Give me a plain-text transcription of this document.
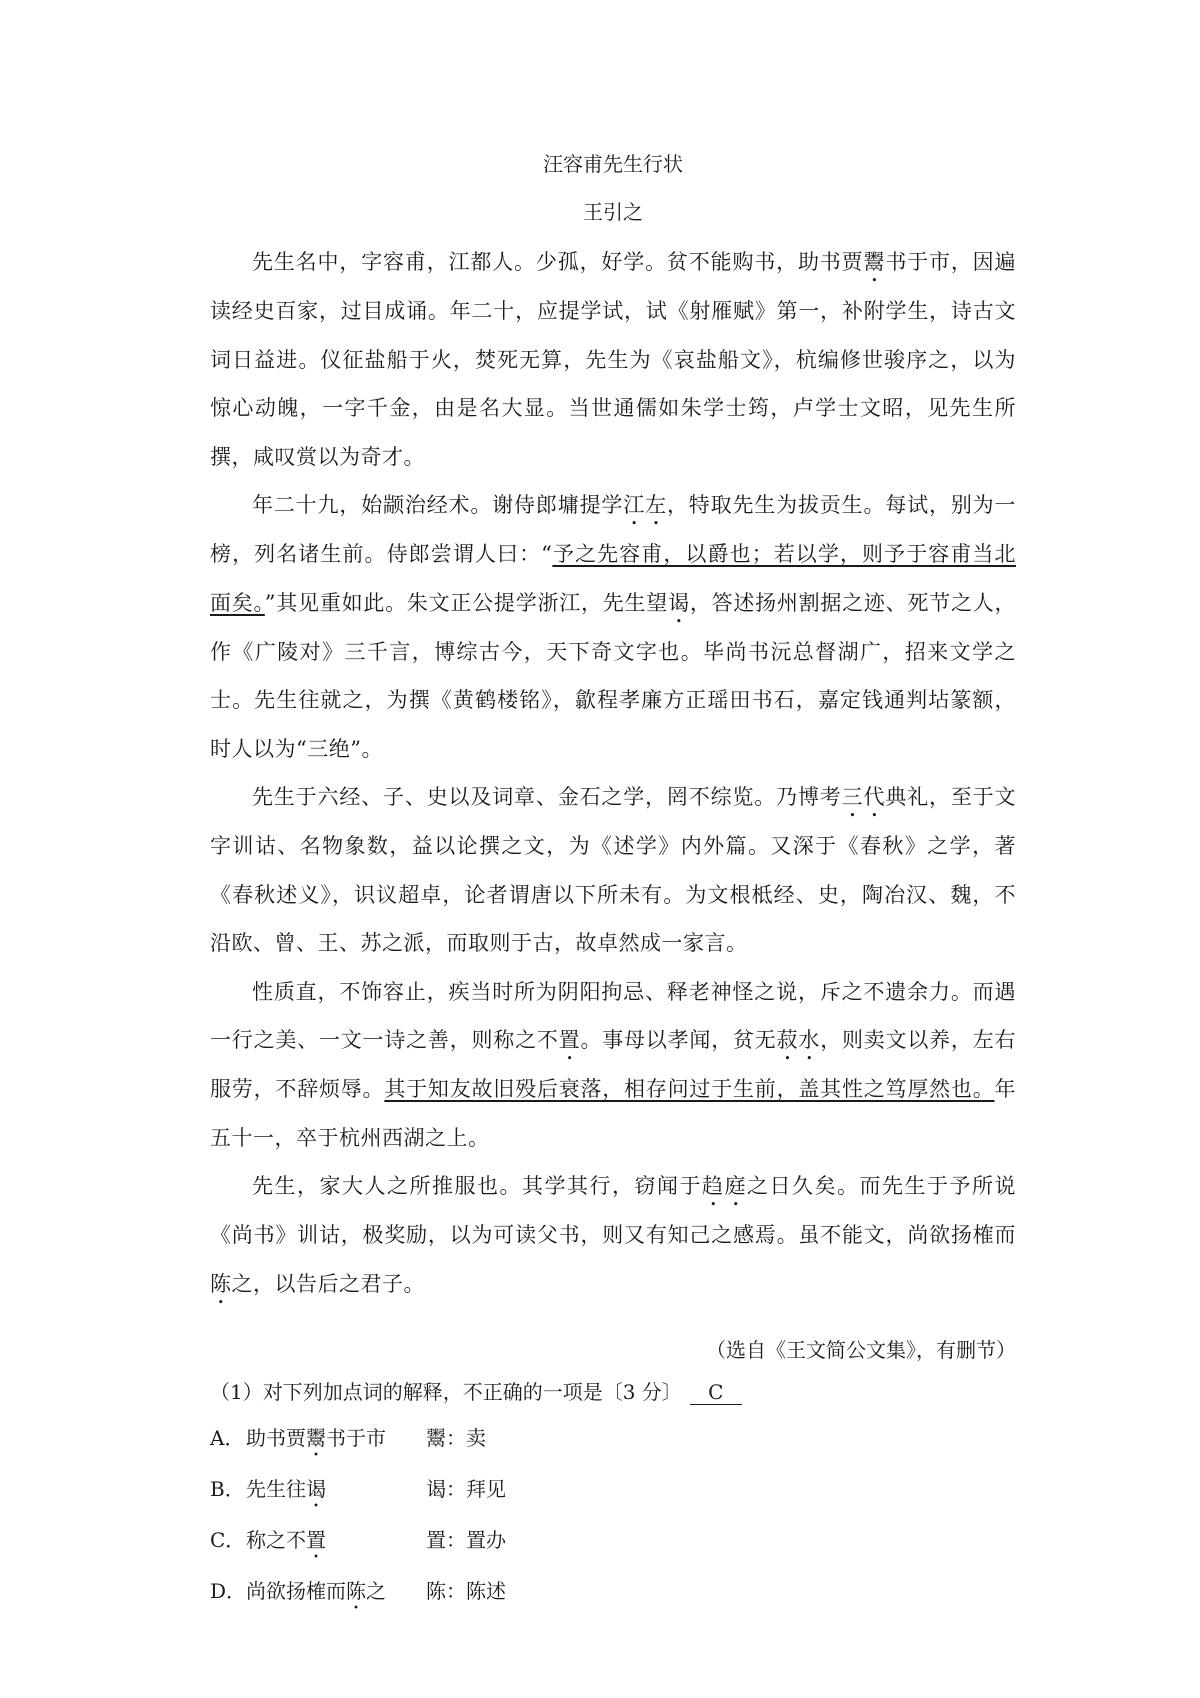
汪容甫先生行状
王引之

先生名中，字容甫，江都人。少孤，好学。贫不能购书，助书贾鬻书于市，因遍读经史百家，过目成诵。年二十，应提学试，试《射雁赋》第一，补附学生，诗古文词日益进。仪征盐船于火，焚死无算，先生为《哀盐船文》，杭编修世骏序之，以为惊心动魄，一字千金，由是名大显。当世通儒如朱学士筠，卢学士文昭，见先生所撰，咸叹赏以为奇才。

年二十九，始颛治经术。谢侍郎墉提学江左，特取先生为拔贡生。每试，别为一榜，列名诸生前。侍郎尝谓人曰：“予之先容甫，以爵也；若以学，则予于容甫当北面矣。”其见重如此。朱文正公提学浙江，先生望谒，答述扬州割据之迹、死节之人，作《广陵对》三千言，博综古今，天下奇文字也。毕尚书沅总督湖广，招来文学之士。先生往就之，为撰《黄鹤楼铭》，歙程孝廉方正瑶田书石，嘉定钱通判坫篆额，时人以为“三绝”。

先生于六经、子、史以及词章、金石之学，罔不综览。乃博考三代典礼，至于文字训诂、名物象数，益以论撰之文，为《述学》内外篇。又深于《春秋》之学，著《春秋述义》，识议超卓，论者谓唐以下所未有。为文根柢经、史，陶冶汉、魏，不沿欧、曾、王、苏之派，而取则于古，故卓然成一家言。

性质直，不饰容止，疾当时所为阴阳拘忌、释老神怪之说，斥之不遗余力。而遇一行之美、一文一诗之善，则称之不置。事母以孝闻，贫无菽水，则卖文以养，左右服劳，不辞烦辱。其于知友故旧殁后衰落，相存问过于生前，盖其性之笃厚然也。年五十一，卒于杭州西湖之上。

先生，家大人之所推服也。其学其行，窃闻于趋庭之日久矣。而先生于予所说《尚书》训诂，极奖励，以为可读父书，则又有知己之感焉。虽不能文，尚欲扬榷而陈之，以告后之君子。

（选自《王文简公文集》，有删节）
（1）对下列加点词的解释，不正确的一项是〔3 分〕 C
A． 助书贾鬻书于市	鬻：卖
B． 先生往谒	谒：拜见
C． 称之不置	置：置办
D． 尚欲扬榷而陈之	陈：陈述
